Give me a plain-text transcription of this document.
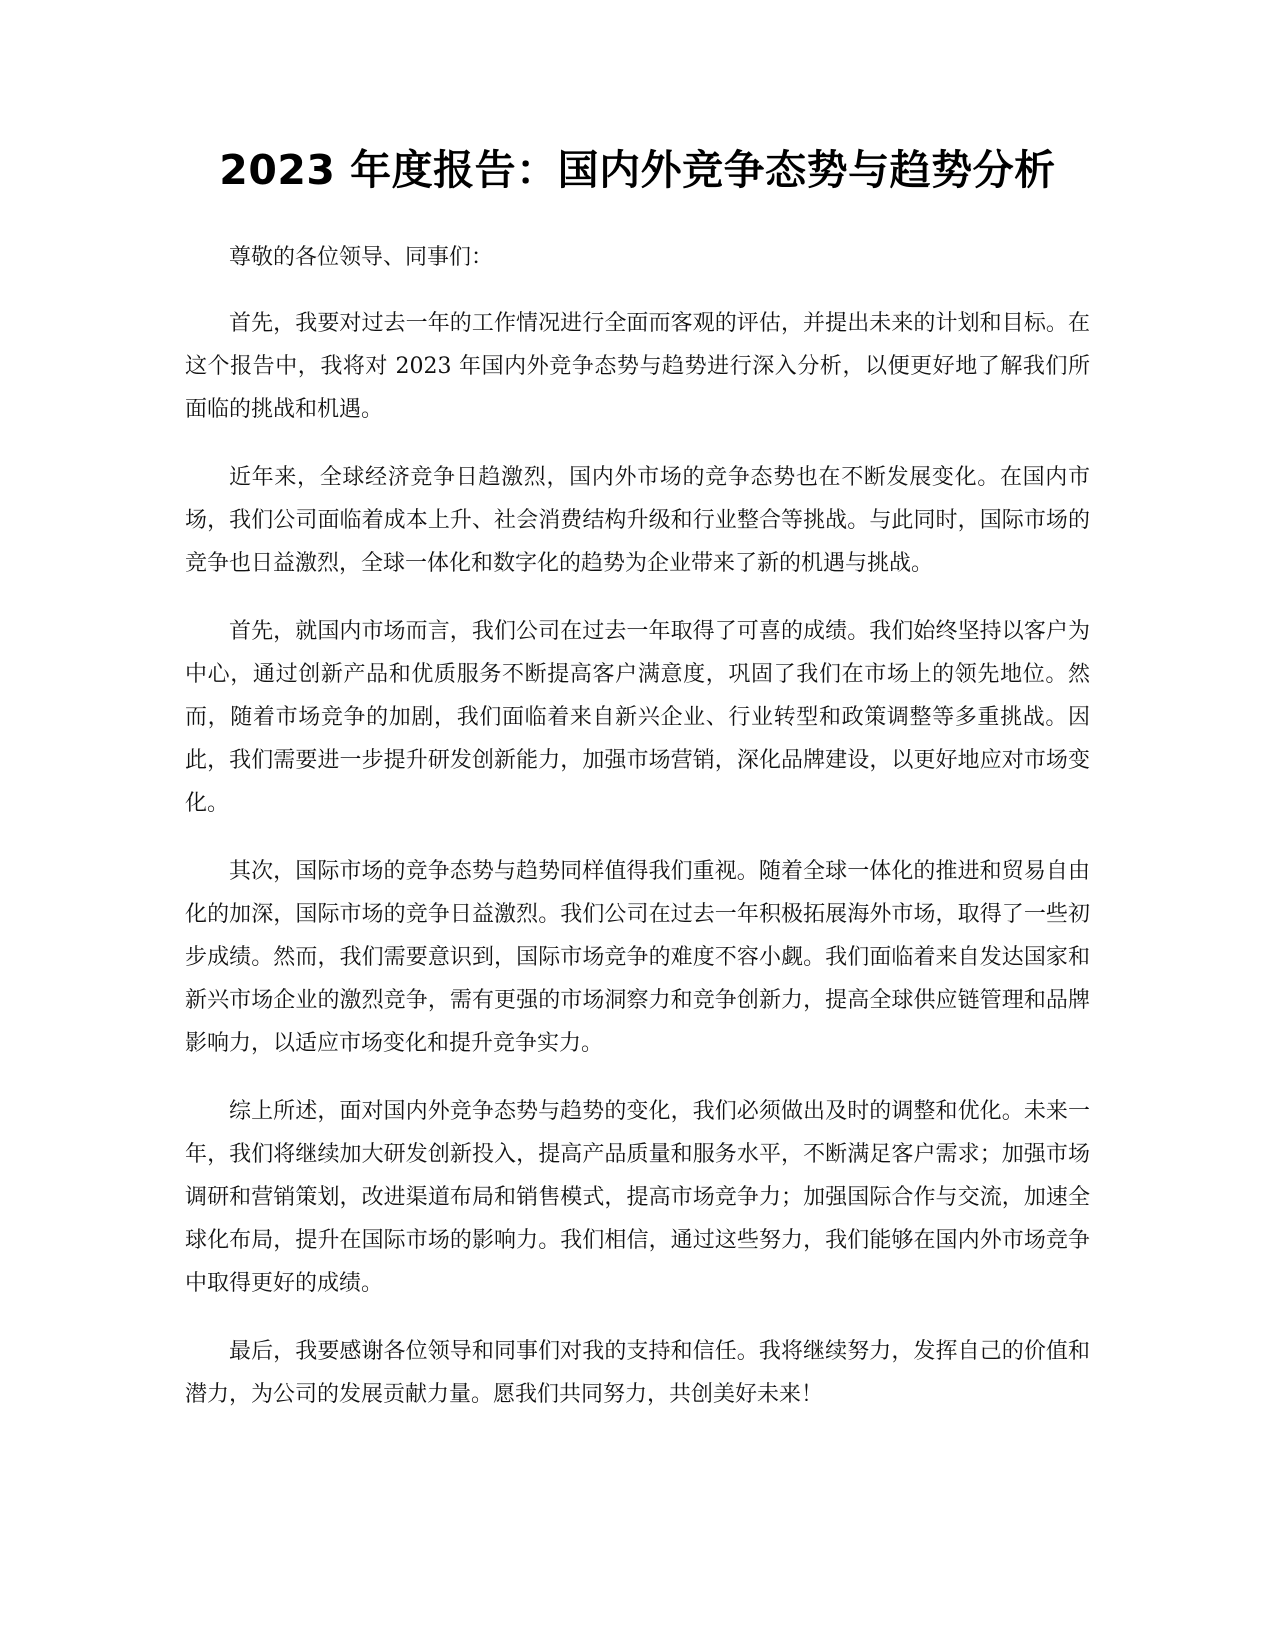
2023 年度报告：国内外竞争态势与趋势分析

尊敬的各位领导、同事们：

首先，我要对过去一年的工作情况进行全面而客观的评估，并提出未来的计划和目标。在这个报告中，我将对 2023 年国内外竞争态势与趋势进行深入分析，以便更好地了解我们所面临的挑战和机遇。

近年来，全球经济竞争日趋激烈，国内外市场的竞争态势也在不断发展变化。在国内市场，我们公司面临着成本上升、社会消费结构升级和行业整合等挑战。与此同时，国际市场的竞争也日益激烈，全球一体化和数字化的趋势为企业带来了新的机遇与挑战。

首先，就国内市场而言，我们公司在过去一年取得了可喜的成绩。我们始终坚持以客户为中心，通过创新产品和优质服务不断提高客户满意度，巩固了我们在市场上的领先地位。然而，随着市场竞争的加剧，我们面临着来自新兴企业、行业转型和政策调整等多重挑战。因此，我们需要进一步提升研发创新能力，加强市场营销，深化品牌建设，以更好地应对市场变化。

其次，国际市场的竞争态势与趋势同样值得我们重视。随着全球一体化的推进和贸易自由化的加深，国际市场的竞争日益激烈。我们公司在过去一年积极拓展海外市场，取得了一些初步成绩。然而，我们需要意识到，国际市场竞争的难度不容小觑。我们面临着来自发达国家和新兴市场企业的激烈竞争，需有更强的市场洞察力和竞争创新力，提高全球供应链管理和品牌影响力，以适应市场变化和提升竞争实力。

综上所述，面对国内外竞争态势与趋势的变化，我们必须做出及时的调整和优化。未来一年，我们将继续加大研发创新投入，提高产品质量和服务水平，不断满足客户需求；加强市场调研和营销策划，改进渠道布局和销售模式，提高市场竞争力；加强国际合作与交流，加速全球化布局，提升在国际市场的影响力。我们相信，通过这些努力，我们能够在国内外市场竞争中取得更好的成绩。

最后，我要感谢各位领导和同事们对我的支持和信任。我将继续努力，发挥自己的价值和潜力，为公司的发展贡献力量。愿我们共同努力，共创美好未来！
